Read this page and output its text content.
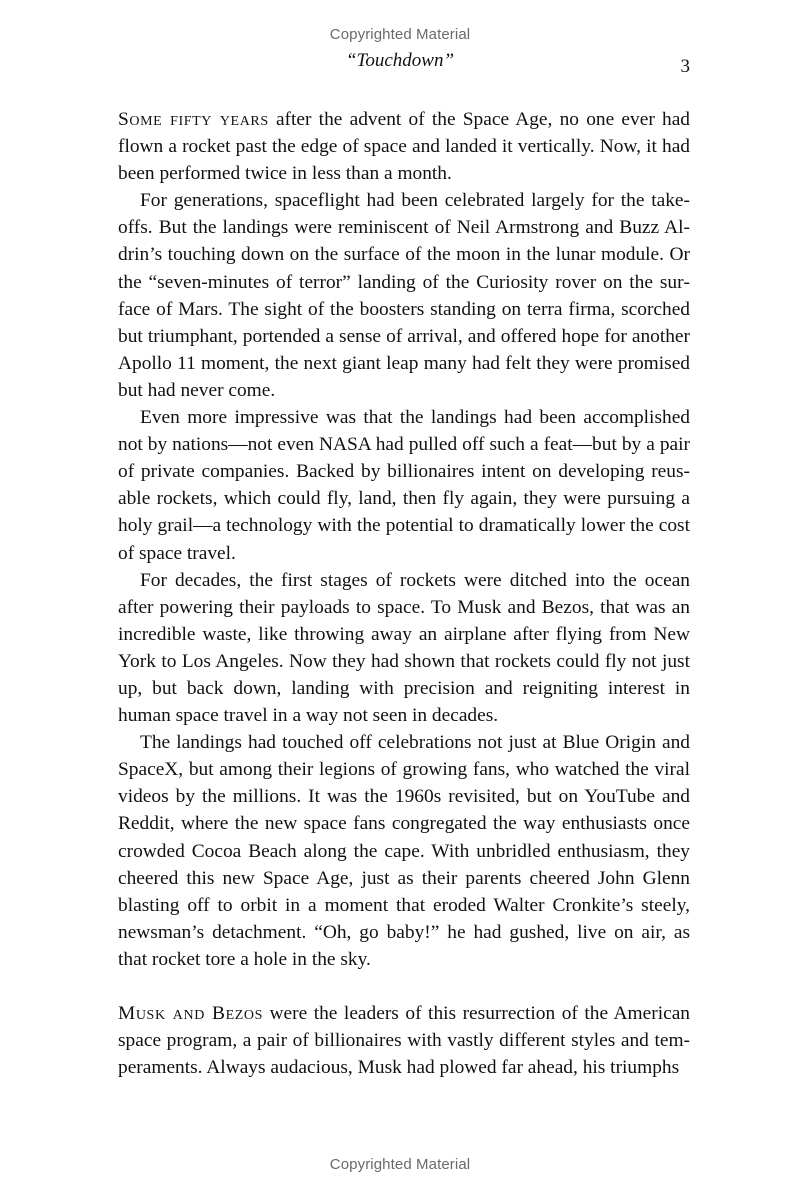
Copyrighted Material
“Touchdown”	3

Some fifty years after the advent of the Space Age, no one ever had flown a rocket past the edge of space and landed it vertically. Now, it had been performed twice in less than a month.

For generations, spaceflight had been celebrated largely for the takeoffs. But the landings were reminiscent of Neil Armstrong and Buzz Aldrin’s touching down on the surface of the moon in the lunar module. Or the “seven-minutes of terror” landing of the Curiosity rover on the surface of Mars. The sight of the boosters standing on terra firma, scorched but triumphant, portended a sense of arrival, and offered hope for another Apollo 11 moment, the next giant leap many had felt they were promised but had never come.

Even more impressive was that the landings had been accomplished not by nations—not even NASA had pulled off such a feat—but by a pair of private companies. Backed by billionaires intent on developing reusable rockets, which could fly, land, then fly again, they were pursuing a holy grail—a technology with the potential to dramatically lower the cost of space travel.

For decades, the first stages of rockets were ditched into the ocean after powering their payloads to space. To Musk and Bezos, that was an incredible waste, like throwing away an airplane after flying from New York to Los Angeles. Now they had shown that rockets could fly not just up, but back down, landing with precision and reigniting interest in human space travel in a way not seen in decades.

The landings had touched off celebrations not just at Blue Origin and SpaceX, but among their legions of growing fans, who watched the viral videos by the millions. It was the 1960s revisited, but on YouTube and Reddit, where the new space fans congregated the way enthusiasts once crowded Cocoa Beach along the cape. With unbridled enthusiasm, they cheered this new Space Age, just as their parents cheered John Glenn blasting off to orbit in a moment that eroded Walter Cronkite’s steely, newsman’s detachment. “Oh, go baby!” he had gushed, live on air, as that rocket tore a hole in the sky.

Musk and Bezos were the leaders of this resurrection of the American space program, a pair of billionaires with vastly different styles and temperaments. Always audacious, Musk had plowed far ahead, his triumphs

Copyrighted Material
